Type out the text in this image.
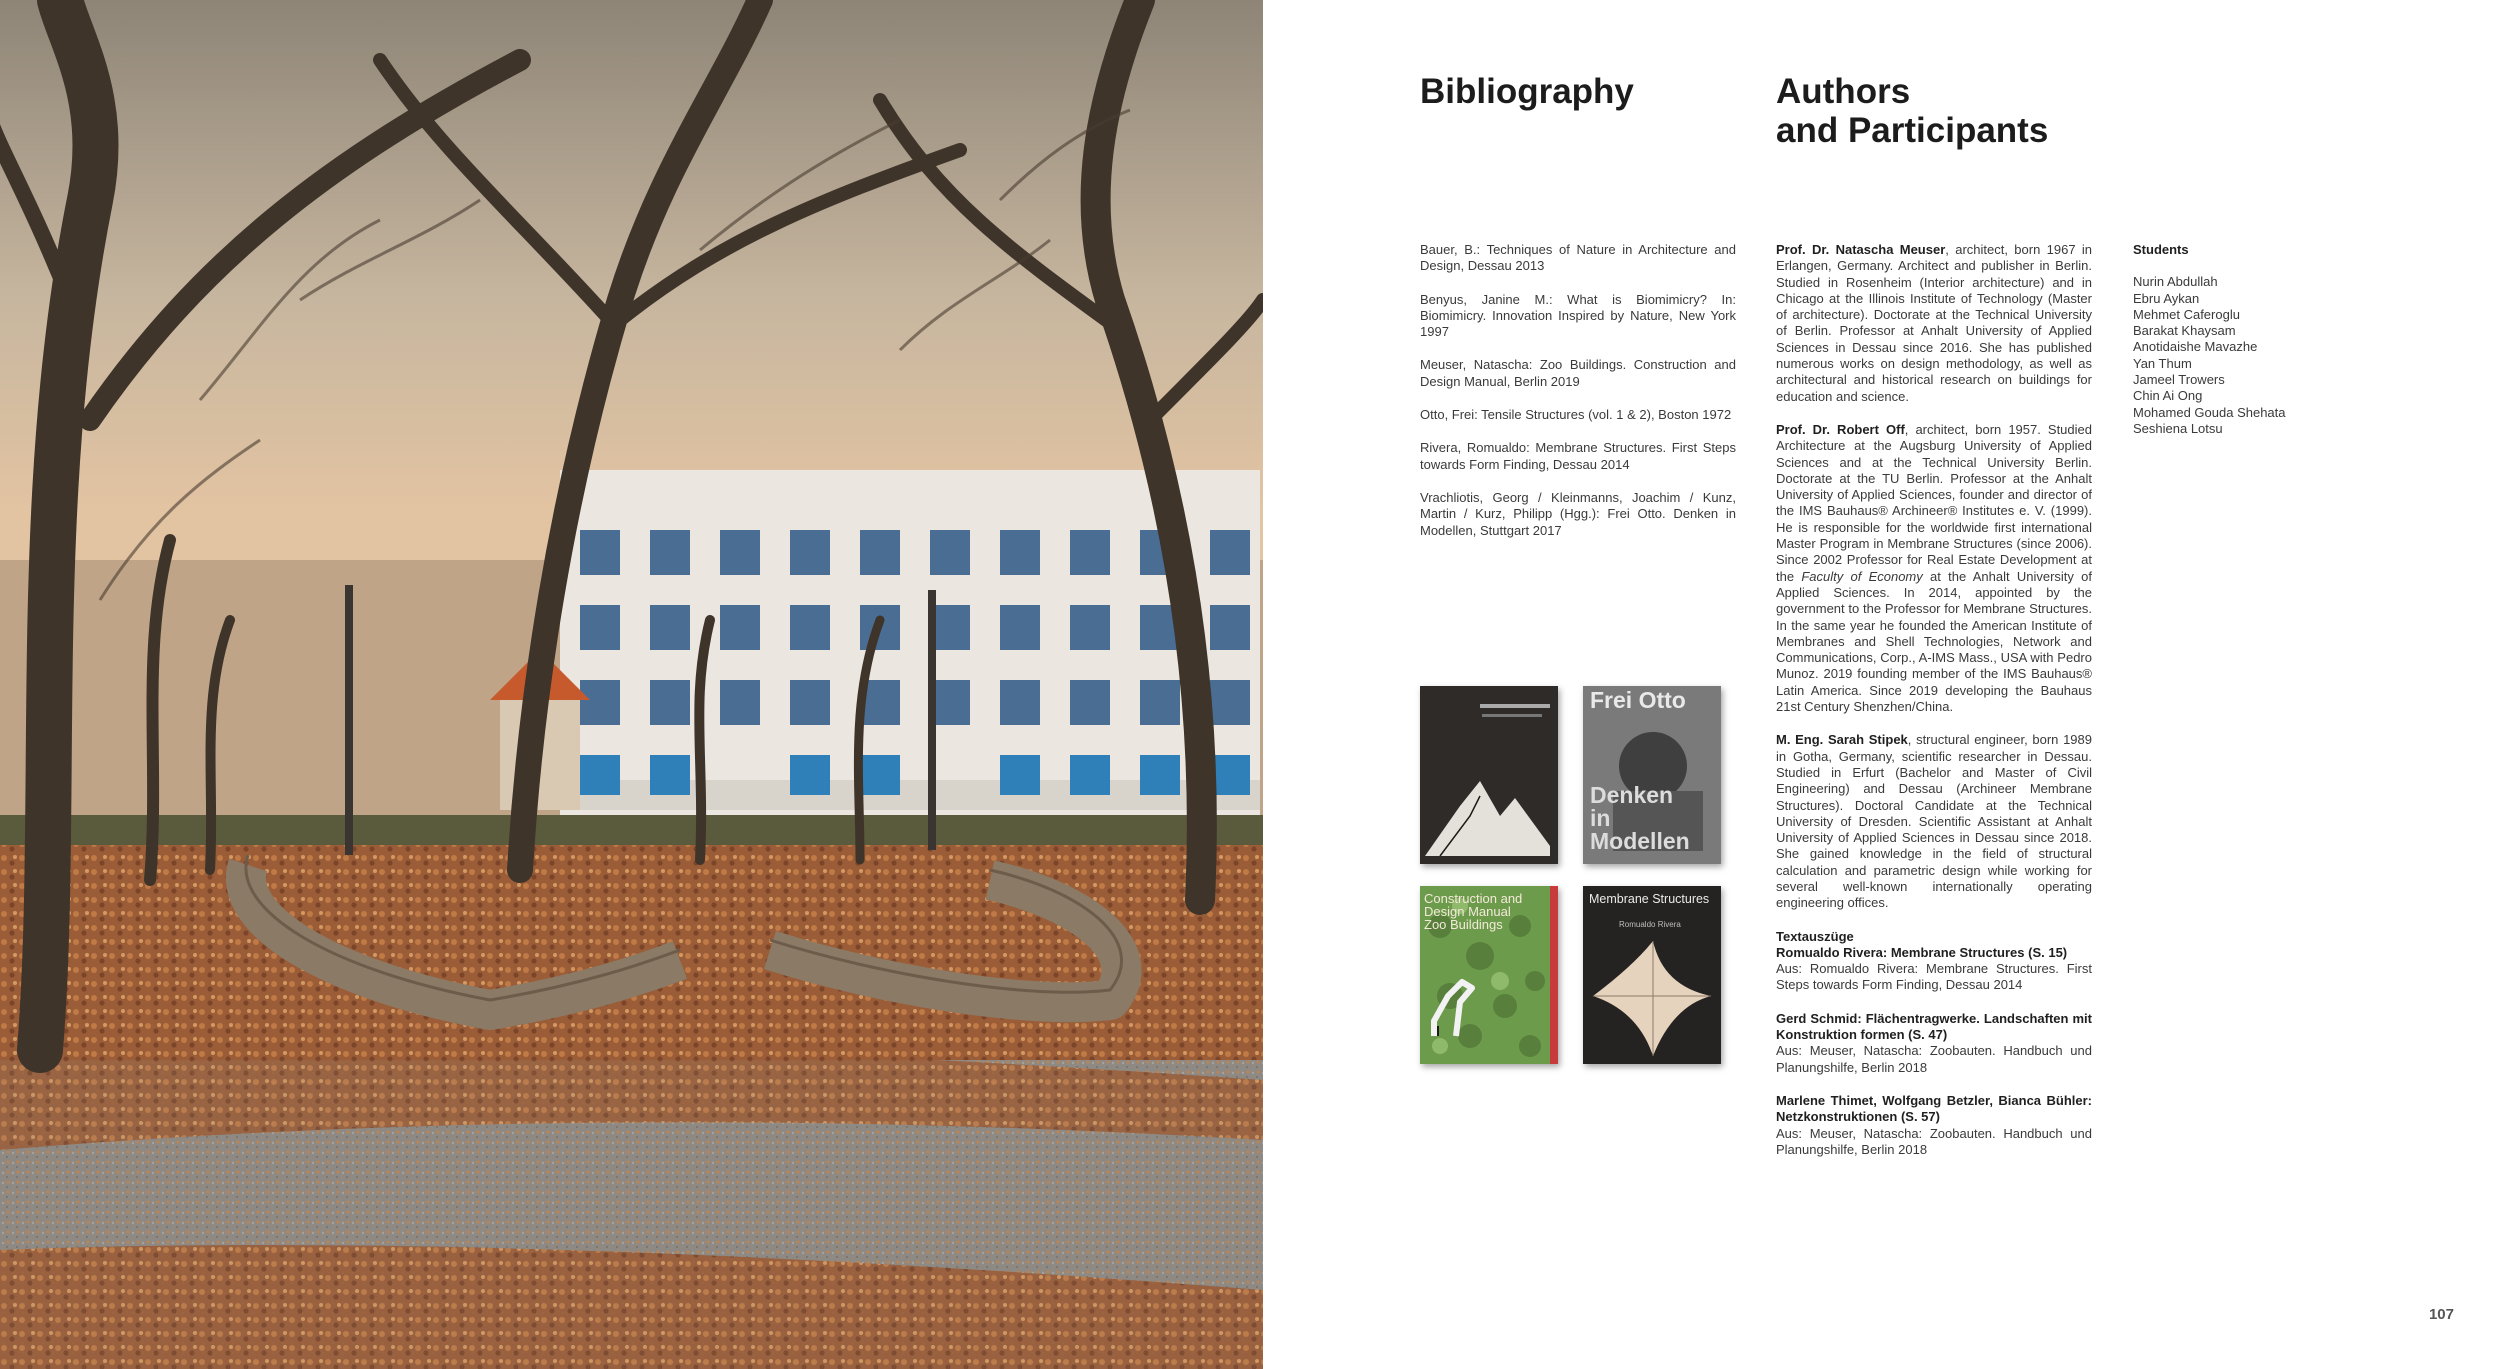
Bibliography	Authors
and Participants

Bauer, B.: Techniques of Nature in Architecture and Design, Dessau 2013

Benyus, Janine M.: What is Biomimicry? In: Biomimicry. Innovation Inspired by Nature, New York 1997

Meuser, Natascha: Zoo Buildings. Construction and Design Manual, Berlin 2019

Otto, Frei: Tensile Structures (vol. 1 & 2), Boston 1972

Rivera, Romualdo: Membrane Structures. First Steps towards Form Finding, Dessau 2014

Vrachliotis, Georg / Kleinmanns, Joachim / Kunz, Martin / Kurz, Philipp (Hgg.): Frei Otto. Denken in Modellen, Stuttgart 2017

Frei Otto
Denken
in
Modellen
Construction and
Design Manual
Zoo Buildings
Membrane Structures
Romualdo Rivera

Prof. Dr. Natascha Meuser, architect, born 1967 in Erlangen, Germany. Architect and publisher in Berlin. Studied in Rosenheim (Interior architecture) and in Chicago at the Illinois Institute of Technology (Master of architecture). Doctorate at the Technical University of Berlin. Professor at Anhalt University of Applied Sciences in Dessau since 2016. She has published numerous works on design methodology, as well as architectural and historical research on buildings for education and science.

Prof. Dr. Robert Off, architect, born 1957. Studied Architecture at the Augsburg University of Applied Sciences and at the Technical University Berlin. Doctorate at the TU Berlin. Professor at the Anhalt University of Applied Sciences, founder and director of the IMS Bauhaus® Archineer® Institutes e. V. (1999). He is responsible for the worldwide first international Master Program in Membrane Structures (since 2006). Since 2002 Professor for Real Estate Development at the Faculty of Economy at the Anhalt University of Applied Sciences. In 2014, appointed by the government to the Professor for Membrane Structures. In the same year he founded the American Institute of Membranes and Shell Technologies, Network and Communications, Corp., A-IMS Mass., USA with Pedro Munoz. 2019 founding member of the IMS Bauhaus® Latin America. Since 2019 developing the Bauhaus 21st Century Shenzhen/China.

M. Eng. Sarah Stipek, structural engineer, born 1989 in Gotha, Germany, scientific researcher in Dessau. Studied in Erfurt (Bachelor and Master of Civil Engineering) and Dessau (Archineer Membrane Structures). Doctoral Candidate at the Technical University of Dresden. Scientific Assistant at Anhalt University of Applied Sciences in Dessau since 2018. She gained knowledge in the field of structural calculation and parametric design while working for several well-known internationally operating engineering offices.

Textauszüge
Romualdo Rivera: Membrane Structures (S. 15)
Aus: Romualdo Rivera: Membrane Structures. First Steps towards Form Finding, Dessau 2014

Gerd Schmid: Flächentragwerke. Landschaften mit Konstruktion formen (S. 47)
Aus: Meuser, Natascha: Zoobauten. Handbuch und Planungshilfe, Berlin 2018

Marlene Thimet, Wolfgang Betzler, Bianca Bühler: Netzkonstruktionen (S. 57)
Aus: Meuser, Natascha: Zoobauten. Handbuch und Planungshilfe, Berlin 2018

Students

Nurin Abdullah

Ebru Aykan

Mehmet Caferoglu

Barakat Khaysam

Anotidaishe Mavazhe

Yan Thum

Jameel Trowers

Chin Ai Ong

Mohamed Gouda Shehata

Seshiena Lotsu

107
